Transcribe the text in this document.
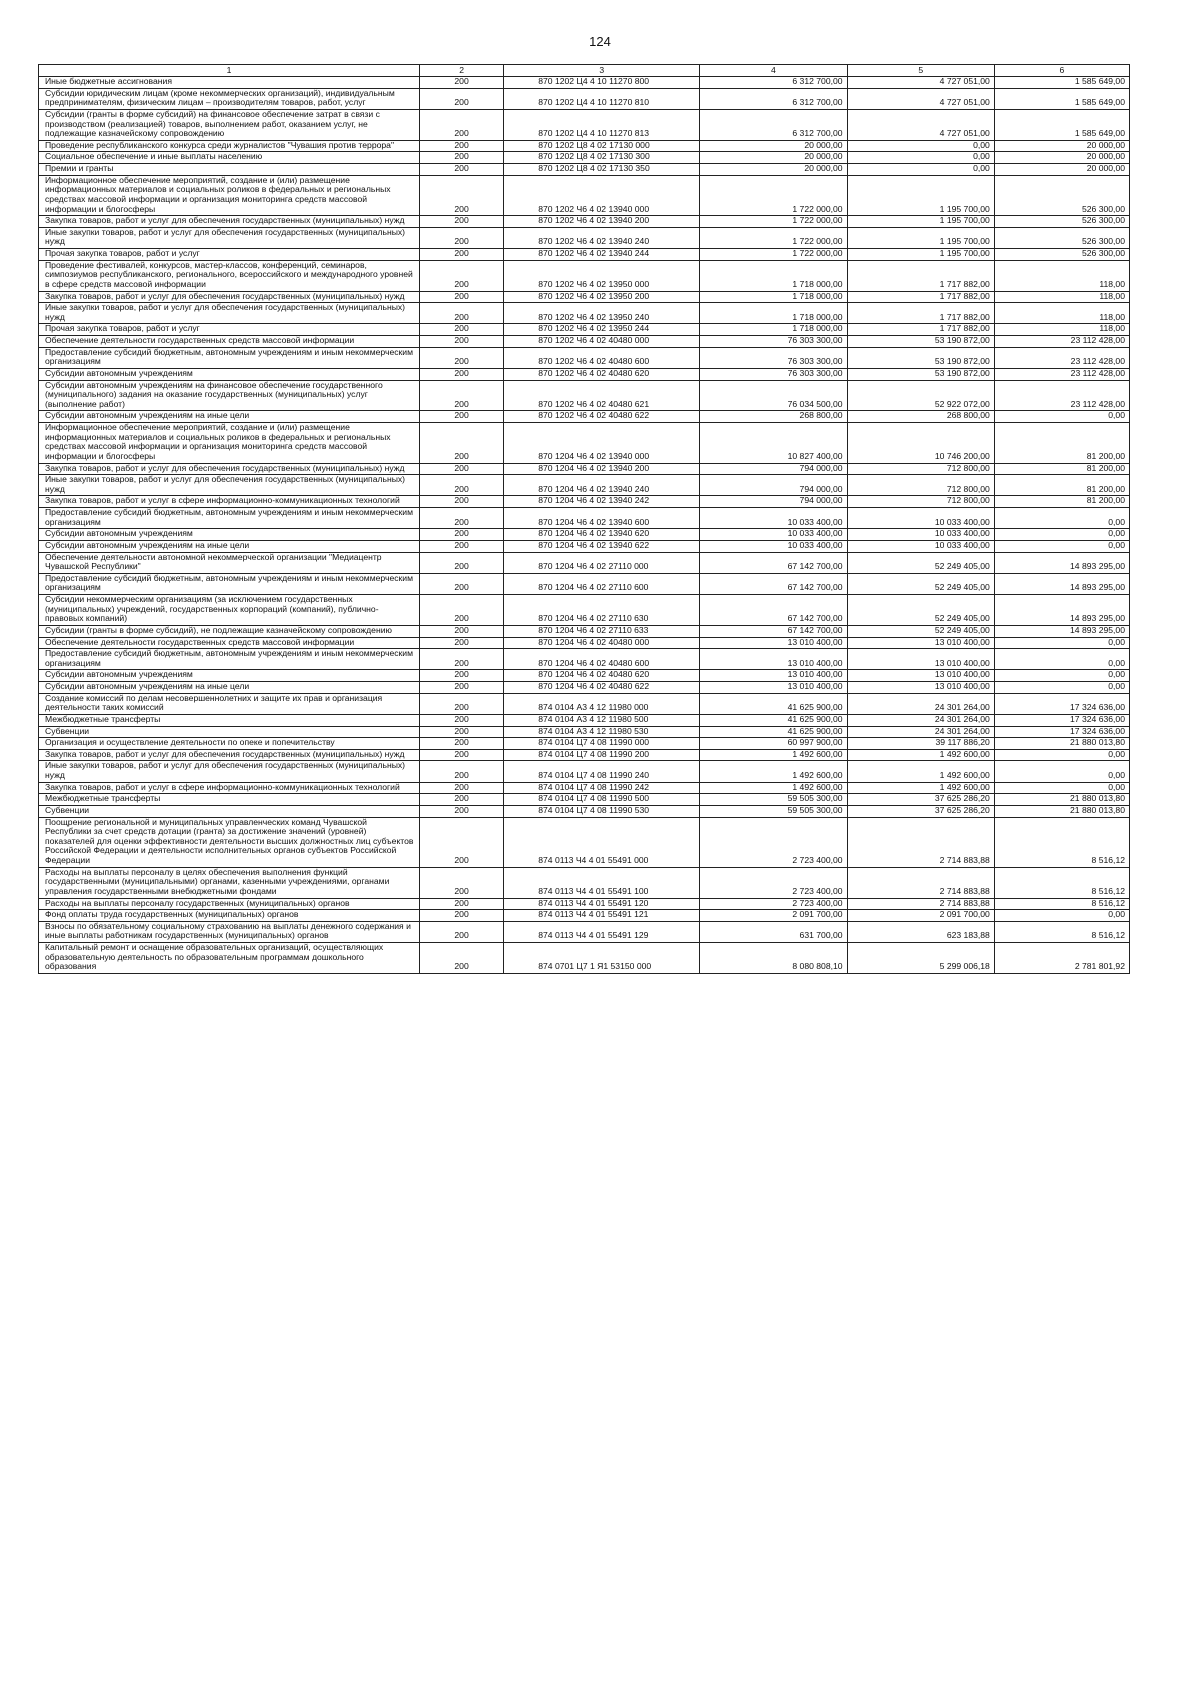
124
1	2	3	4	5	6
Иные бюджетные ассигнования	200	870 1202 Ц4 4 10 11270 800	6 312 700,00	4 727 051,00	1 585 649,00
Субсидии юридическим лицам (кроме некоммерческих организаций), индивидуальным предпринимателям, физическим лицам – производителям товаров, работ, услуг	200	870 1202 Ц4 4 10 11270 810	6 312 700,00	4 727 051,00	1 585 649,00
Субсидии (гранты в форме субсидий) на финансовое обеспечение затрат в связи с производством (реализацией) товаров, выполнением работ, оказанием услуг, не подлежащие казначейскому сопровождению	200	870 1202 Ц4 4 10 11270 813	6 312 700,00	4 727 051,00	1 585 649,00
Проведение республиканского конкурса среди журналистов "Чувашия против террора"	200	870 1202 Ц8 4 02 17130 000	20 000,00	0,00	20 000,00
Социальное обеспечение и иные выплаты населению	200	870 1202 Ц8 4 02 17130 300	20 000,00	0,00	20 000,00
Премии и гранты	200	870 1202 Ц8 4 02 17130 350	20 000,00	0,00	20 000,00
Информационное обеспечение мероприятий, создание и (или) размещение информационных материалов и социальных роликов в федеральных и региональных средствах массовой информации и организация мониторинга средств массовой информации и блогосферы	200	870 1202 Ч6 4 02 13940 000	1 722 000,00	1 195 700,00	526 300,00
Закупка товаров, работ и услуг для обеспечения государственных (муниципальных) нужд	200	870 1202 Ч6 4 02 13940 200	1 722 000,00	1 195 700,00	526 300,00
Иные закупки товаров, работ и услуг для обеспечения государственных (муниципальных) нужд	200	870 1202 Ч6 4 02 13940 240	1 722 000,00	1 195 700,00	526 300,00
Прочая закупка товаров, работ и услуг	200	870 1202 Ч6 4 02 13940 244	1 722 000,00	1 195 700,00	526 300,00
Проведение фестивалей, конкурсов, мастер-классов, конференций, семинаров, симпозиумов республиканского, регионального, всероссийского и международного уровней в сфере средств массовой информации	200	870 1202 Ч6 4 02 13950 000	1 718 000,00	1 717 882,00	118,00
Закупка товаров, работ и услуг для обеспечения государственных (муниципальных) нужд	200	870 1202 Ч6 4 02 13950 200	1 718 000,00	1 717 882,00	118,00
Иные закупки товаров, работ и услуг для обеспечения государственных (муниципальных) нужд	200	870 1202 Ч6 4 02 13950 240	1 718 000,00	1 717 882,00	118,00
Прочая закупка товаров, работ и услуг	200	870 1202 Ч6 4 02 13950 244	1 718 000,00	1 717 882,00	118,00
Обеспечение деятельности государственных средств массовой информации	200	870 1202 Ч6 4 02 40480 000	76 303 300,00	53 190 872,00	23 112 428,00
Предоставление субсидий бюджетным, автономным учреждениям и иным некоммерческим организациям	200	870 1202 Ч6 4 02 40480 600	76 303 300,00	53 190 872,00	23 112 428,00
Субсидии автономным учреждениям	200	870 1202 Ч6 4 02 40480 620	76 303 300,00	53 190 872,00	23 112 428,00
Субсидии автономным учреждениям на финансовое обеспечение государственного (муниципального) задания на оказание государственных (муниципальных) услуг (выполнение работ)	200	870 1202 Ч6 4 02 40480 621	76 034 500,00	52 922 072,00	23 112 428,00
Субсидии автономным учреждениям на иные цели	200	870 1202 Ч6 4 02 40480 622	268 800,00	268 800,00	0,00
Информационное обеспечение мероприятий, создание и (или) размещение информационных материалов и социальных роликов в федеральных и региональных средствах массовой информации и организация мониторинга средств массовой информации и блогосферы	200	870 1204 Ч6 4 02 13940 000	10 827 400,00	10 746 200,00	81 200,00
Закупка товаров, работ и услуг для обеспечения государственных (муниципальных) нужд	200	870 1204 Ч6 4 02 13940 200	794 000,00	712 800,00	81 200,00
Иные закупки товаров, работ и услуг для обеспечения государственных (муниципальных) нужд	200	870 1204 Ч6 4 02 13940 240	794 000,00	712 800,00	81 200,00
Закупка товаров, работ и услуг в сфере информационно-коммуникационных технологий	200	870 1204 Ч6 4 02 13940 242	794 000,00	712 800,00	81 200,00
Предоставление субсидий бюджетным, автономным учреждениям и иным некоммерческим организациям	200	870 1204 Ч6 4 02 13940 600	10 033 400,00	10 033 400,00	0,00
Субсидии автономным учреждениям	200	870 1204 Ч6 4 02 13940 620	10 033 400,00	10 033 400,00	0,00
Субсидии автономным учреждениям на иные цели	200	870 1204 Ч6 4 02 13940 622	10 033 400,00	10 033 400,00	0,00
Обеспечение деятельности автономной некоммерческой организации "Медиацентр Чувашской Республики"	200	870 1204 Ч6 4 02 27110 000	67 142 700,00	52 249 405,00	14 893 295,00
Предоставление субсидий бюджетным, автономным учреждениям и иным некоммерческим организациям	200	870 1204 Ч6 4 02 27110 600	67 142 700,00	52 249 405,00	14 893 295,00
Субсидии некоммерческим организациям (за исключением государственных (муниципальных) учреждений, государственных корпораций (компаний), публично-правовых компаний)	200	870 1204 Ч6 4 02 27110 630	67 142 700,00	52 249 405,00	14 893 295,00
Субсидии (гранты в форме субсидий), не подлежащие казначейскому сопровождению	200	870 1204 Ч6 4 02 27110 633	67 142 700,00	52 249 405,00	14 893 295,00
Обеспечение деятельности государственных средств массовой информации	200	870 1204 Ч6 4 02 40480 000	13 010 400,00	13 010 400,00	0,00
Предоставление субсидий бюджетным, автономным учреждениям и иным некоммерческим организациям	200	870 1204 Ч6 4 02 40480 600	13 010 400,00	13 010 400,00	0,00
Субсидии автономным учреждениям	200	870 1204 Ч6 4 02 40480 620	13 010 400,00	13 010 400,00	0,00
Субсидии автономным учреждениям на иные цели	200	870 1204 Ч6 4 02 40480 622	13 010 400,00	13 010 400,00	0,00
Создание комиссий по делам несовершеннолетних и защите их прав и организация деятельности таких комиссий	200	874 0104 А3 4 12 11980 000	41 625 900,00	24 301 264,00	17 324 636,00
Межбюджетные трансферты	200	874 0104 А3 4 12 11980 500	41 625 900,00	24 301 264,00	17 324 636,00
Субвенции	200	874 0104 А3 4 12 11980 530	41 625 900,00	24 301 264,00	17 324 636,00
Организация и осуществление деятельности по опеке и попечительству	200	874 0104 Ц7 4 08 11990 000	60 997 900,00	39 117 886,20	21 880 013,80
Закупка товаров, работ и услуг для обеспечения государственных (муниципальных) нужд	200	874 0104 Ц7 4 08 11990 200	1 492 600,00	1 492 600,00	0,00
Иные закупки товаров, работ и услуг для обеспечения государственных (муниципальных) нужд	200	874 0104 Ц7 4 08 11990 240	1 492 600,00	1 492 600,00	0,00
Закупка товаров, работ и услуг в сфере информационно-коммуникационных технологий	200	874 0104 Ц7 4 08 11990 242	1 492 600,00	1 492 600,00	0,00
Межбюджетные трансферты	200	874 0104 Ц7 4 08 11990 500	59 505 300,00	37 625 286,20	21 880 013,80
Субвенции	200	874 0104 Ц7 4 08 11990 530	59 505 300,00	37 625 286,20	21 880 013,80
Поощрение региональной и муниципальных управленческих команд Чувашской Республики за счет средств дотации (гранта) за достижение значений (уровней) показателей для оценки эффективности деятельности высших должностных лиц субъектов Российской Федерации и деятельности исполнительных органов субъектов Российской Федерации	200	874 0113 Ч4 4 01 55491 000	2 723 400,00	2 714 883,88	8 516,12
Расходы на выплаты персоналу в целях обеспечения выполнения функций государственными (муниципальными) органами, казенными учреждениями, органами управления государственными внебюджетными фондами	200	874 0113 Ч4 4 01 55491 100	2 723 400,00	2 714 883,88	8 516,12
Расходы на выплаты персоналу государственных (муниципальных) органов	200	874 0113 Ч4 4 01 55491 120	2 723 400,00	2 714 883,88	8 516,12
Фонд оплаты труда государственных (муниципальных) органов	200	874 0113 Ч4 4 01 55491 121	2 091 700,00	2 091 700,00	0,00
Взносы по обязательному социальному страхованию на выплаты денежного содержания и иные выплаты работникам государственных (муниципальных) органов	200	874 0113 Ч4 4 01 55491 129	631 700,00	623 183,88	8 516,12
Капитальный ремонт и оснащение образовательных организаций, осуществляющих образовательную деятельность по образовательным программам дошкольного образования	200	874 0701 Ц7 1 Я1 53150 000	8 080 808,10	5 299 006,18	2 781 801,92
